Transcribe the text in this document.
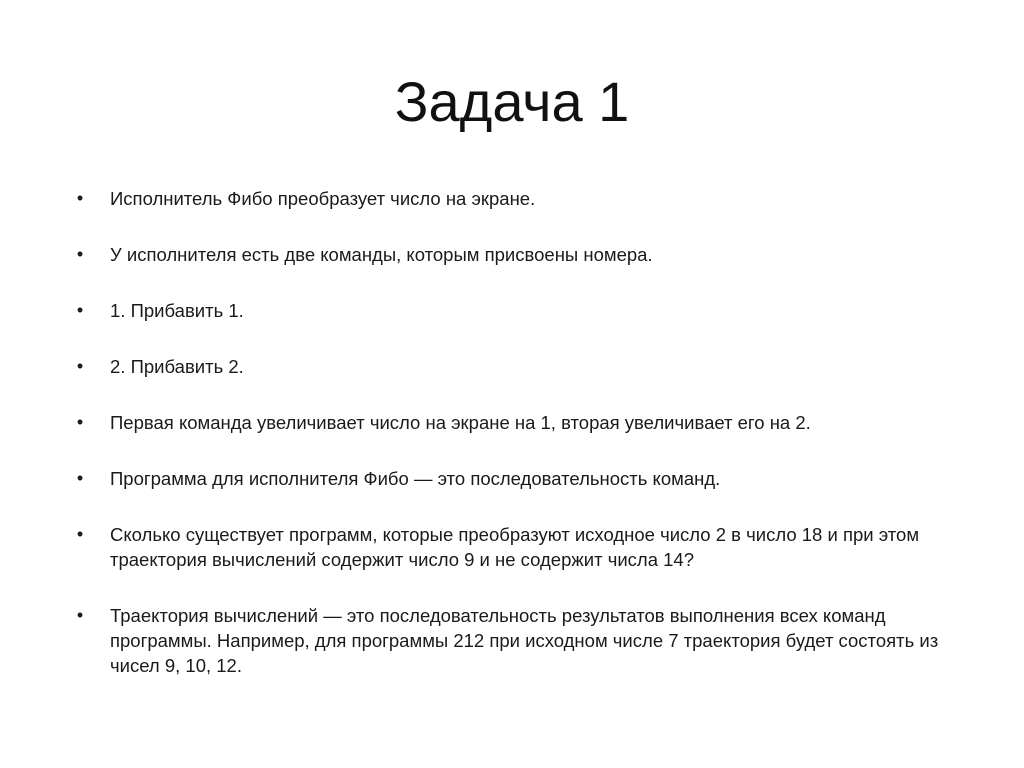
Задача 1
• Исполнитель Фибо преобразует число на экране.
• У исполнителя есть две команды, которым присвоены номера.
• 1. Прибавить 1.
• 2. Прибавить 2.
• Первая команда увеличивает число на экране на 1, вторая увеличивает его на 2.
• Программа для исполнителя Фибо — это последовательность команд.
• Сколько существует программ, которые преобразуют исходное число 2 в число 18 и при этом траектория вычислений содержит число 9 и не содержит числа 14?
• Траектория вычислений — это последовательность результатов выполнения всех команд программы. Например, для программы 212 при исходном числе 7 траектория будет состоять из чисел 9, 10, 12.
